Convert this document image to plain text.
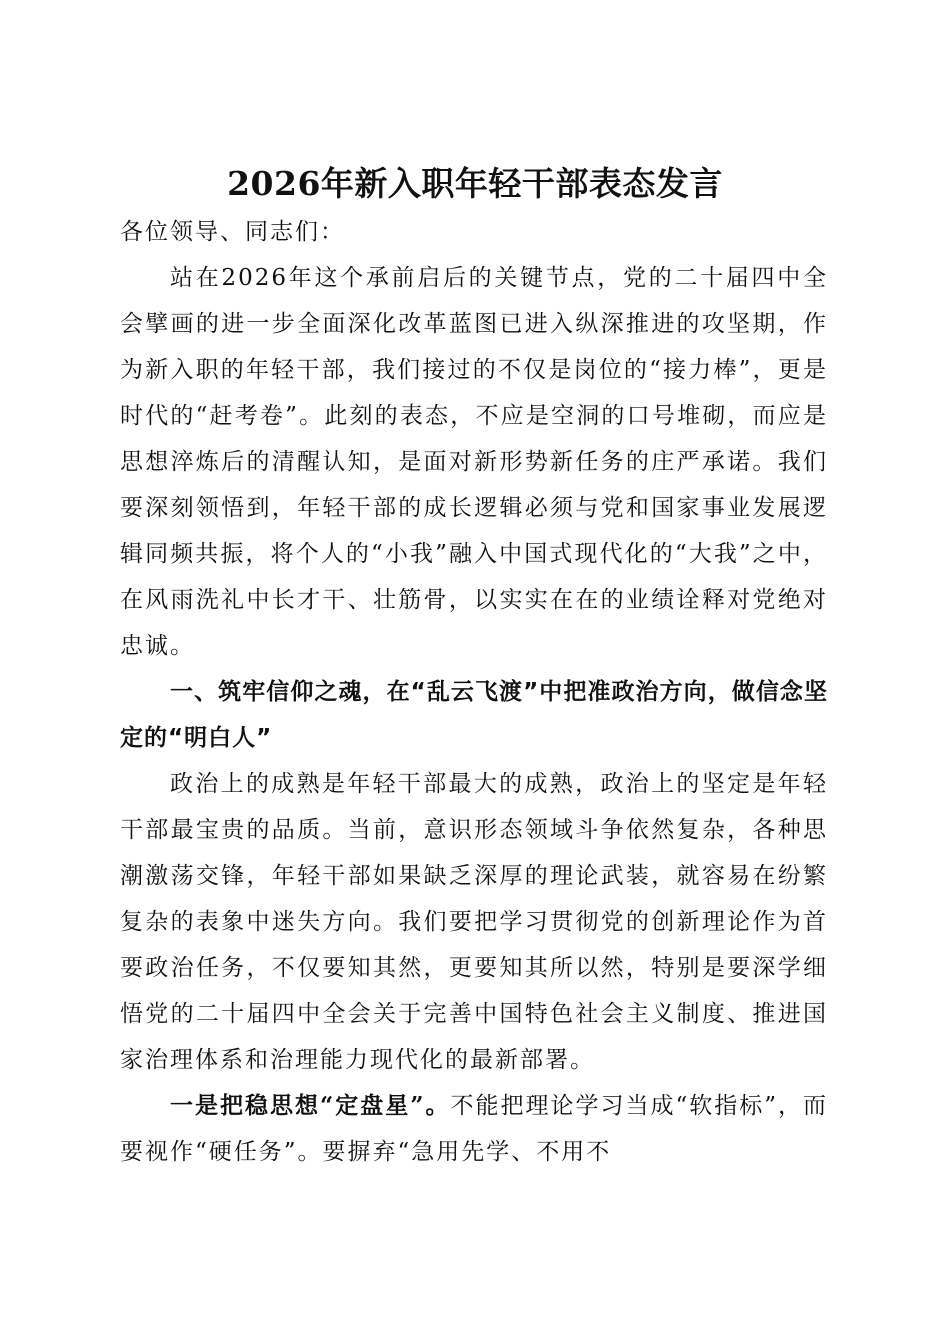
2026年新入职年轻干部表态发言

各位领导、同志们：

站在2026年这个承前启后的关键节点，党的二十届四中全会擘画的进一步全面深化改革蓝图已进入纵深推进的攻坚期，作为新入职的年轻干部，我们接过的不仅是岗位的“接力棒”，更是时代的“赶考卷”。此刻的表态，不应是空洞的口号堆砌，而应是思想淬炼后的清醒认知，是面对新形势新任务的庄严承诺。我们要深刻领悟到，年轻干部的成长逻辑必须与党和国家事业发展逻辑同频共振，将个人的“小我”融入中国式现代化的“大我”之中，在风雨洗礼中长才干、壮筋骨，以实实在在的业绩诠释对党绝对忠诚。

一、筑牢信仰之魂，在“乱云飞渡”中把准政治方向，做信念坚定的“明白人”

政治上的成熟是年轻干部最大的成熟，政治上的坚定是年轻干部最宝贵的品质。当前，意识形态领域斗争依然复杂，各种思潮激荡交锋，年轻干部如果缺乏深厚的理论武装，就容易在纷繁复杂的表象中迷失方向。我们要把学习贯彻党的创新理论作为首要政治任务，不仅要知其然，更要知其所以然，特别是要深学细悟党的二十届四中全会关于完善中国特色社会主义制度、推进国家治理体系和治理能力现代化的最新部署。

一是把稳思想“定盘星”。不能把理论学习当成“软指标”，而要视作“硬任务”。要摒弃“急用先学、不用不
